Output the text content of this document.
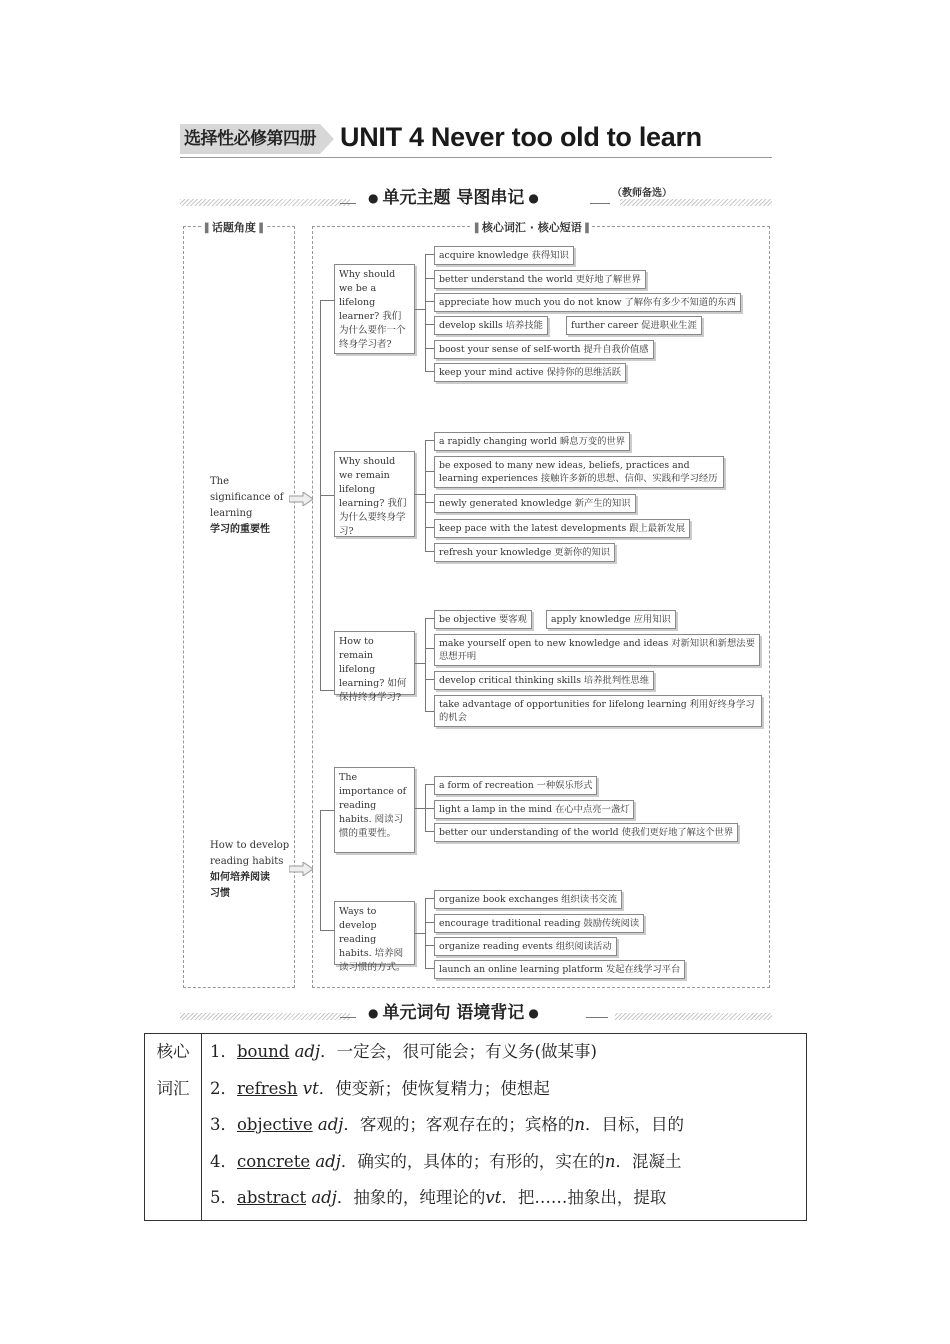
选择性必修第四册 UNIT 4 Never too old to learn
● 单元主题 导图串记 ●	（教师备选）
▌ 话题角度 ▐
▌	核心词汇 · 核心短语 ▐
The significance of learning
学习的重要性
How to develop reading habits
如何培养阅读习惯
Why should we be a lifelong learner? 我们为什么要作一个终身学习者?
acquire knowledge 获得知识
better understand the world 更好地了解世界
appreciate how much you do not know 了解你有多少不知道的东西
develop skills 培养技能	further career 促进职业生涯
boost your sense of self-worth 提升自我价值感
keep your mind active 保持你的思维活跃
Why should we remain lifelong learning? 我们为什么要终身学习?
a rapidly changing world 瞬息万变的世界
be exposed to many new ideas, beliefs, practices and learning experiences 接触许多新的思想、信仰、实践和学习经历
newly generated knowledge 新产生的知识
keep pace with the latest developments 跟上最新发展
refresh your knowledge 更新你的知识
How to remain lifelong learning? 如何保持终身学习?
be objective 要客观	apply knowledge 应用知识
make yourself open to new knowledge and ideas 对新知识和新想法要思想开明
develop critical thinking skills 培养批判性思维
take advantage of opportunities for lifelong learning 利用好终身学习的机会
The importance of reading habits. 阅读习惯的重要性。
a form of recreation 一种娱乐形式
light a lamp in the mind 在心中点亮一盏灯
better our understanding of the world 使我们更好地了解这个世界
Ways to develop reading habits. 培养阅读习惯的方式。
organize book exchanges 组织读书交流
encourage traditional reading 鼓励传统阅读
organize reading events 组织阅读活动
launch an online learning platform 发起在线学习平台
● 单元词句 语境背记 ●
核心词汇

1．bound adj．一定会，很可能会；有义务(做某事)
2．refresh vt．使变新；使恢复精力；使想起
3．objective adj．客观的；客观存在的；宾格的n．目标，目的
4．concrete adj．确实的，具体的；有形的，实在的n．混凝土
5．abstract adj．抽象的，纯理论的vt．把……抽象出，提取
